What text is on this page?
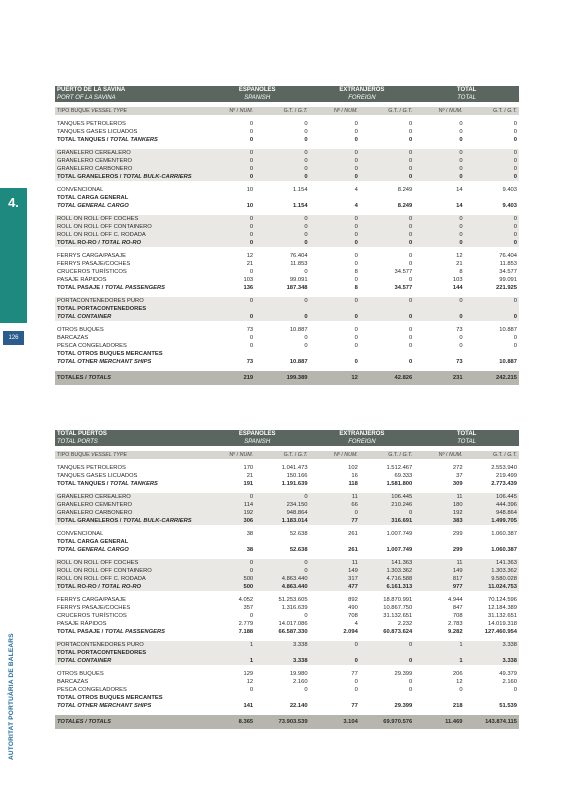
4.
126
AUTORITAT PORTUÀRIA DE BALEARS
PUERTO DE LA SAVINA
PORT OF LA SAVINA	ESPAÑOLES
SPANISH		EXTRANJEROS
FOREIGN		TOTAL
TOTAL	

TIPO BUQUE VESSEL TYPE	Nº / NUM.	G.T. / G.T.	Nº / NUM.	G.T. / G.T.	Nº / NUM.	G.T. / G.T.

TANQUES PETROLEROS	0	0	0	0	0	0
TANQUES GASES LICUADOS	0	0	0	0	0	0
TOTAL TANQUES / TOTAL TANKERS	0	0	0	0	0	0

GRANELERO CEREALERO	0	0	0	0	0	0
GRANELERO CEMENTERO	0	0	0	0	0	0
GRANELERO CARBONERO	0	0	0	0	0	0
TOTAL GRANELEROS / TOTAL BULK-CARRIERS	0	0	0	0	0	0

CONVENCIONAL	10	1.154	4	8.249	14	9.403
TOTAL CARGA GENERAL						
TOTAL GENERAL CARGO	10	1.154	4	8.249	14	9.403

ROLL ON ROLL OFF COCHES	0	0	0	0	0	0
ROLL ON ROLL OFF CONTAINERO	0	0	0	0	0	0
ROLL ON ROLL OFF C. RODADA	0	0	0	0	0	0
TOTAL RO-RO / TOTAL RO-RO	0	0	0	0	0	0

FERRYS CARGA/PASAJE	12	76.404	0	0	12	76.404
FERRYS PASAJE/COCHES	21	11.853	0	0	21	11.853
CRUCEROS TURÍSTICOS	0	0	8	34.577	8	34.577
PASAJE RÁPIDOS	103	99.091	0	0	103	99.091
TOTAL PASAJE / TOTAL PASSENGERS	136	187.348	8	34.577	144	221.925

PORTACONTENEDORES PURO	0	0	0	0	0	0
TOTAL PORTACONTENEDORES						
TOTAL CONTAINER	0	0	0	0	0	0

OTROS BUQUES	73	10.887	0	0	73	10.887
BARCAZAS	0	0	0	0	0	0
PESCA CONGELADORES	0	0	0	0	0	0
TOTAL OTROS BUQUES MERCANTES						
TOTAL OTHER MERCHANT SHIPS	73	10.887	0	0	73	10.887

TOTALES / TOTALS	219	199.389	12	42.826	231	242.215
TOTAL PUERTOS
TOTAL PORTS	ESPAÑOLES
SPANISH		EXTRANJEROS
FOREIGN		TOTAL
TOTAL	

TIPO BUQUE VESSEL TYPE	Nº / NUM.	G.T. / G.T.	Nº / NUM.	G.T. / G.T.	Nº / NUM.	G.T. / G.T.

TANQUES PETROLEROS	170	1.041.473	102	1.512.467	272	2.553.940
TANQUES GASES LICUADOS	21	150.166	16	69.333	37	219.499
TOTAL TANQUES / TOTAL TANKERS	191	1.191.639	118	1.581.800	309	2.773.439

GRANELERO CEREALERO	0	0	11	106.445	11	106.445
GRANELERO CEMENTERO	114	234.150	66	210.246	180	444.396
GRANELERO CARBONERO	192	948.864	0	0	192	948.864
TOTAL GRANELEROS / TOTAL BULK-CARRIERS	306	1.183.014	77	316.691	383	1.499.705

CONVENCIONAL	38	52.638	261	1.007.749	299	1.060.387
TOTAL CARGA GENERAL						
TOTAL GENERAL CARGO	38	52.638	261	1.007.749	299	1.060.387

ROLL ON ROLL OFF COCHES	0	0	11	141.363	11	141.363
ROLL ON ROLL OFF CONTAINERO	0	0	149	1.303.362	149	1.303.362
ROLL ON ROLL OFF C. RODADA	500	4.863.440	317	4.716.588	817	9.580.028
TOTAL RO-RO / TOTAL RO-RO	500	4.863.440	477	6.161.313	977	11.024.753

FERRYS CARGA/PASAJE	4.052	51.253.605	892	18.870.991	4.944	70.124.596
FERRYS PASAJE/COCHES	357	1.316.639	490	10.867.750	847	12.184.389
CRUCEROS TURÍSTICOS	0	0	708	31.132.651	708	31.132.651
PASAJE RÁPIDOS	2.779	14.017.086	4	2.232	2.783	14.019.318
TOTAL PASAJE / TOTAL PASSENGERS	7.188	66.587.330	2.094	60.873.624	9.282	127.460.954

PORTACONTENEDORES PURO	1	3.338	0	0	1	3.338
TOTAL PORTACONTENEDORES						
TOTAL CONTAINER	1	3.338	0	0	1	3.338

OTROS BUQUES	129	19.980	77	29.399	206	49.379
BARCAZAS	12	2.160	0	0	12	2.160
PESCA CONGELADORES	0	0	0	0	0	0
TOTAL OTROS BUQUES MERCANTES						
TOTAL OTHER MERCHANT SHIPS	141	22.140	77	29.399	218	51.539

TOTALES / TOTALS	8.365	73.903.539	3.104	69.970.576	11.469	143.874.115
